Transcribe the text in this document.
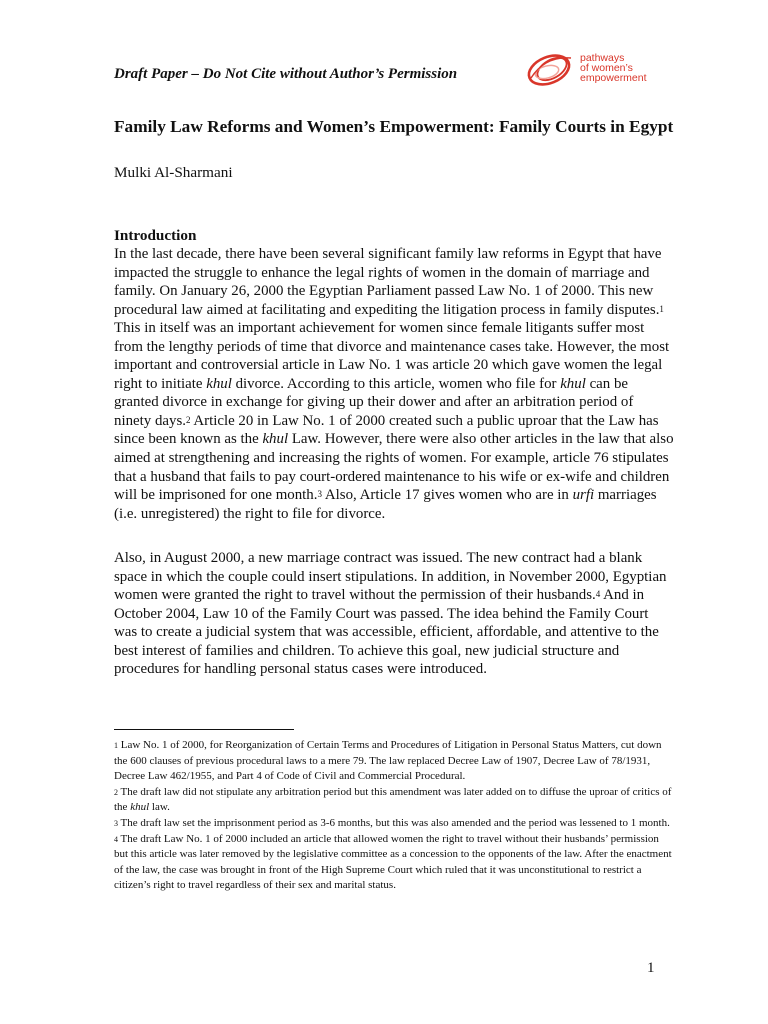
Draft Paper – Do Not Cite without Author’s Permission
pathways
of women’s
empowerment
Family Law Reforms and Women’s Empowerment: Family Courts in Egypt
Mulki Al-Sharmani
Introduction

In the last decade, there have been several significant family law reforms in Egypt that have impacted the struggle to enhance the legal rights of women in the domain of marriage and family. On January 26, 2000 the Egyptian Parliament passed Law No. 1 of 2000. This new procedural law aimed at facilitating and expediting the litigation process in family disputes.$^1$ This in itself was an important achievement for women since female litigants suffer most from the lengthy periods of time that divorce and maintenance cases take. However, the most important and controversial article in Law No. 1 was article 20 which gave women the legal right to initiate khul divorce. According to this article, women who file for khul can be granted divorce in exchange for giving up their dower and after an arbitration period of ninety days.$^2$ Article 20 in Law No. 1 of 2000 created such a public uproar that the Law has since been known as the khul Law. However, there were also other articles in the law that also aimed at strengthening and increasing the rights of women. For example, article 76 stipulates that a husband that fails to pay court-ordered maintenance to his wife or ex-wife and children will be imprisoned for one month.$^3$ Also, Article 17 gives women who are in urfi marriages (i.e. unregistered) the right to file for divorce.

Also, in August 2000, a new marriage contract was issued. The new contract had a blank space in which the couple could insert stipulations. In addition, in November 2000, Egyptian women were granted the right to travel without the permission of their husbands.$^4$ And in October 2004, Law 10 of the Family Court was passed. The idea behind the Family Court was to create a judicial system that was accessible, efficient, affordable, and attentive to the best interest of families and children. To achieve this goal, new judicial structure and procedures for handling personal status cases were introduced.

$^1$ Law No. 1 of 2000, for Reorganization of Certain Terms and Procedures of Litigation in Personal Status Matters, cut down the 600 clauses of previous procedural laws to a mere 79. The law replaced Decree Law of 1907, Decree Law of 78/1931, Decree Law 462/1955, and Part 4 of Code of Civil and Commercial Procedural.

$^2$ The draft law did not stipulate any arbitration period but this amendment was later added on to diffuse the uproar of critics of the khul law.

$^3$ The draft law set the imprisonment period as 3-6 months, but this was also amended and the period was lessened to 1 month.

$^4$ The draft Law No. 1 of 2000 included an article that allowed women the right to travel without their husbands’ permission but this article was later removed by the legislative committee as a concession to the opponents of the law. After the enactment of the law, the case was brought in front of the High Supreme Court which ruled that it was unconstitutional to restrict a citizen’s right to travel regardless of their sex and marital status.

1
